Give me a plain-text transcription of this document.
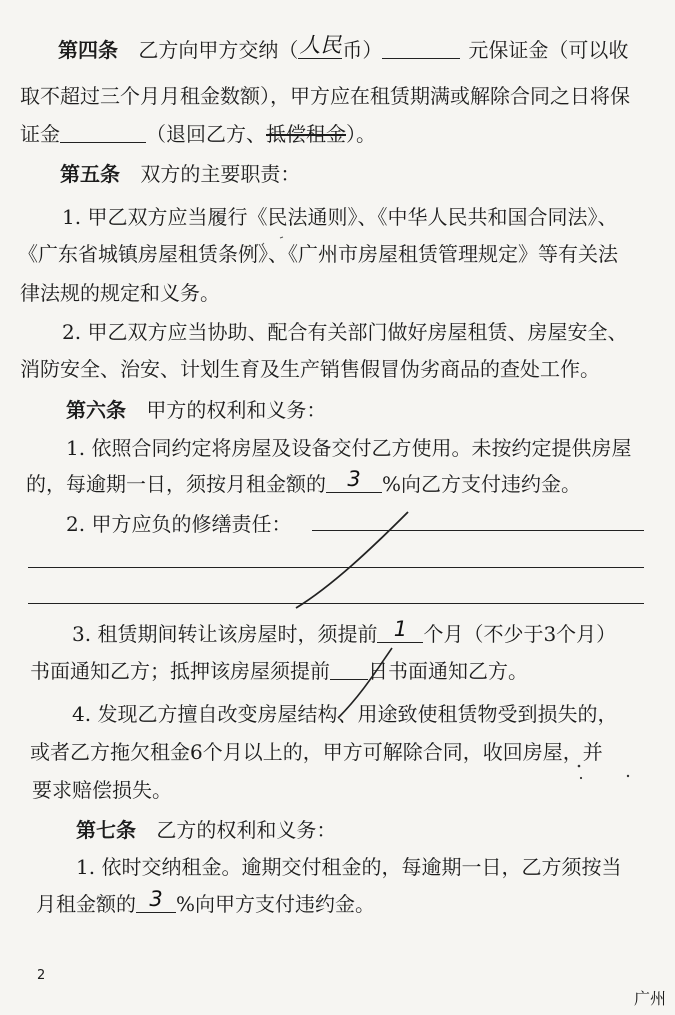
第四条 乙方向甲方交纳（ 人民 币）	元保证金（可以收
取不超过三个月月租金数额），甲方应在租赁期满或解除合同之日将保
证金	（退回乙方、抵偿租金）。
第五条 双方的主要职责：
1. 甲乙双方应当履行《民法通则》、《中华人民共和国合同法》、
《广东省城镇房屋租赁条例》、《广州市房屋租赁管理规定》等有关法
律法规的规定和义务。
2. 甲乙双方应当协助、配合有关部门做好房屋租赁、房屋安全、
消防安全、治安、计划生育及生产销售假冒伪劣商品的查处工作。
第六条 甲方的权利和义务：
1. 依照合同约定将房屋及设备交付乙方使用。未按约定提供房屋
的，每逾期一日，须按月租金额的	3	%向乙方支付违约金。
2. 甲方应负的修缮责任：
3. 租赁期间转让该房屋时，须提前 1 个月（不少于3个月）
书面通知乙方；抵押该房屋须提前 日书面通知乙方。
4. 发现乙方擅自改变房屋结构、用途致使租赁物受到损失的，
或者乙方拖欠租金6个月以上的，甲方可解除合同，收回房屋，并
要求赔偿损失。
第七条 乙方的权利和义务：
1. 依时交纳租金。逾期交付租金的，每逾期一日，乙方须按当
月租金额的 3 %向甲方支付违约金。
2
广州
